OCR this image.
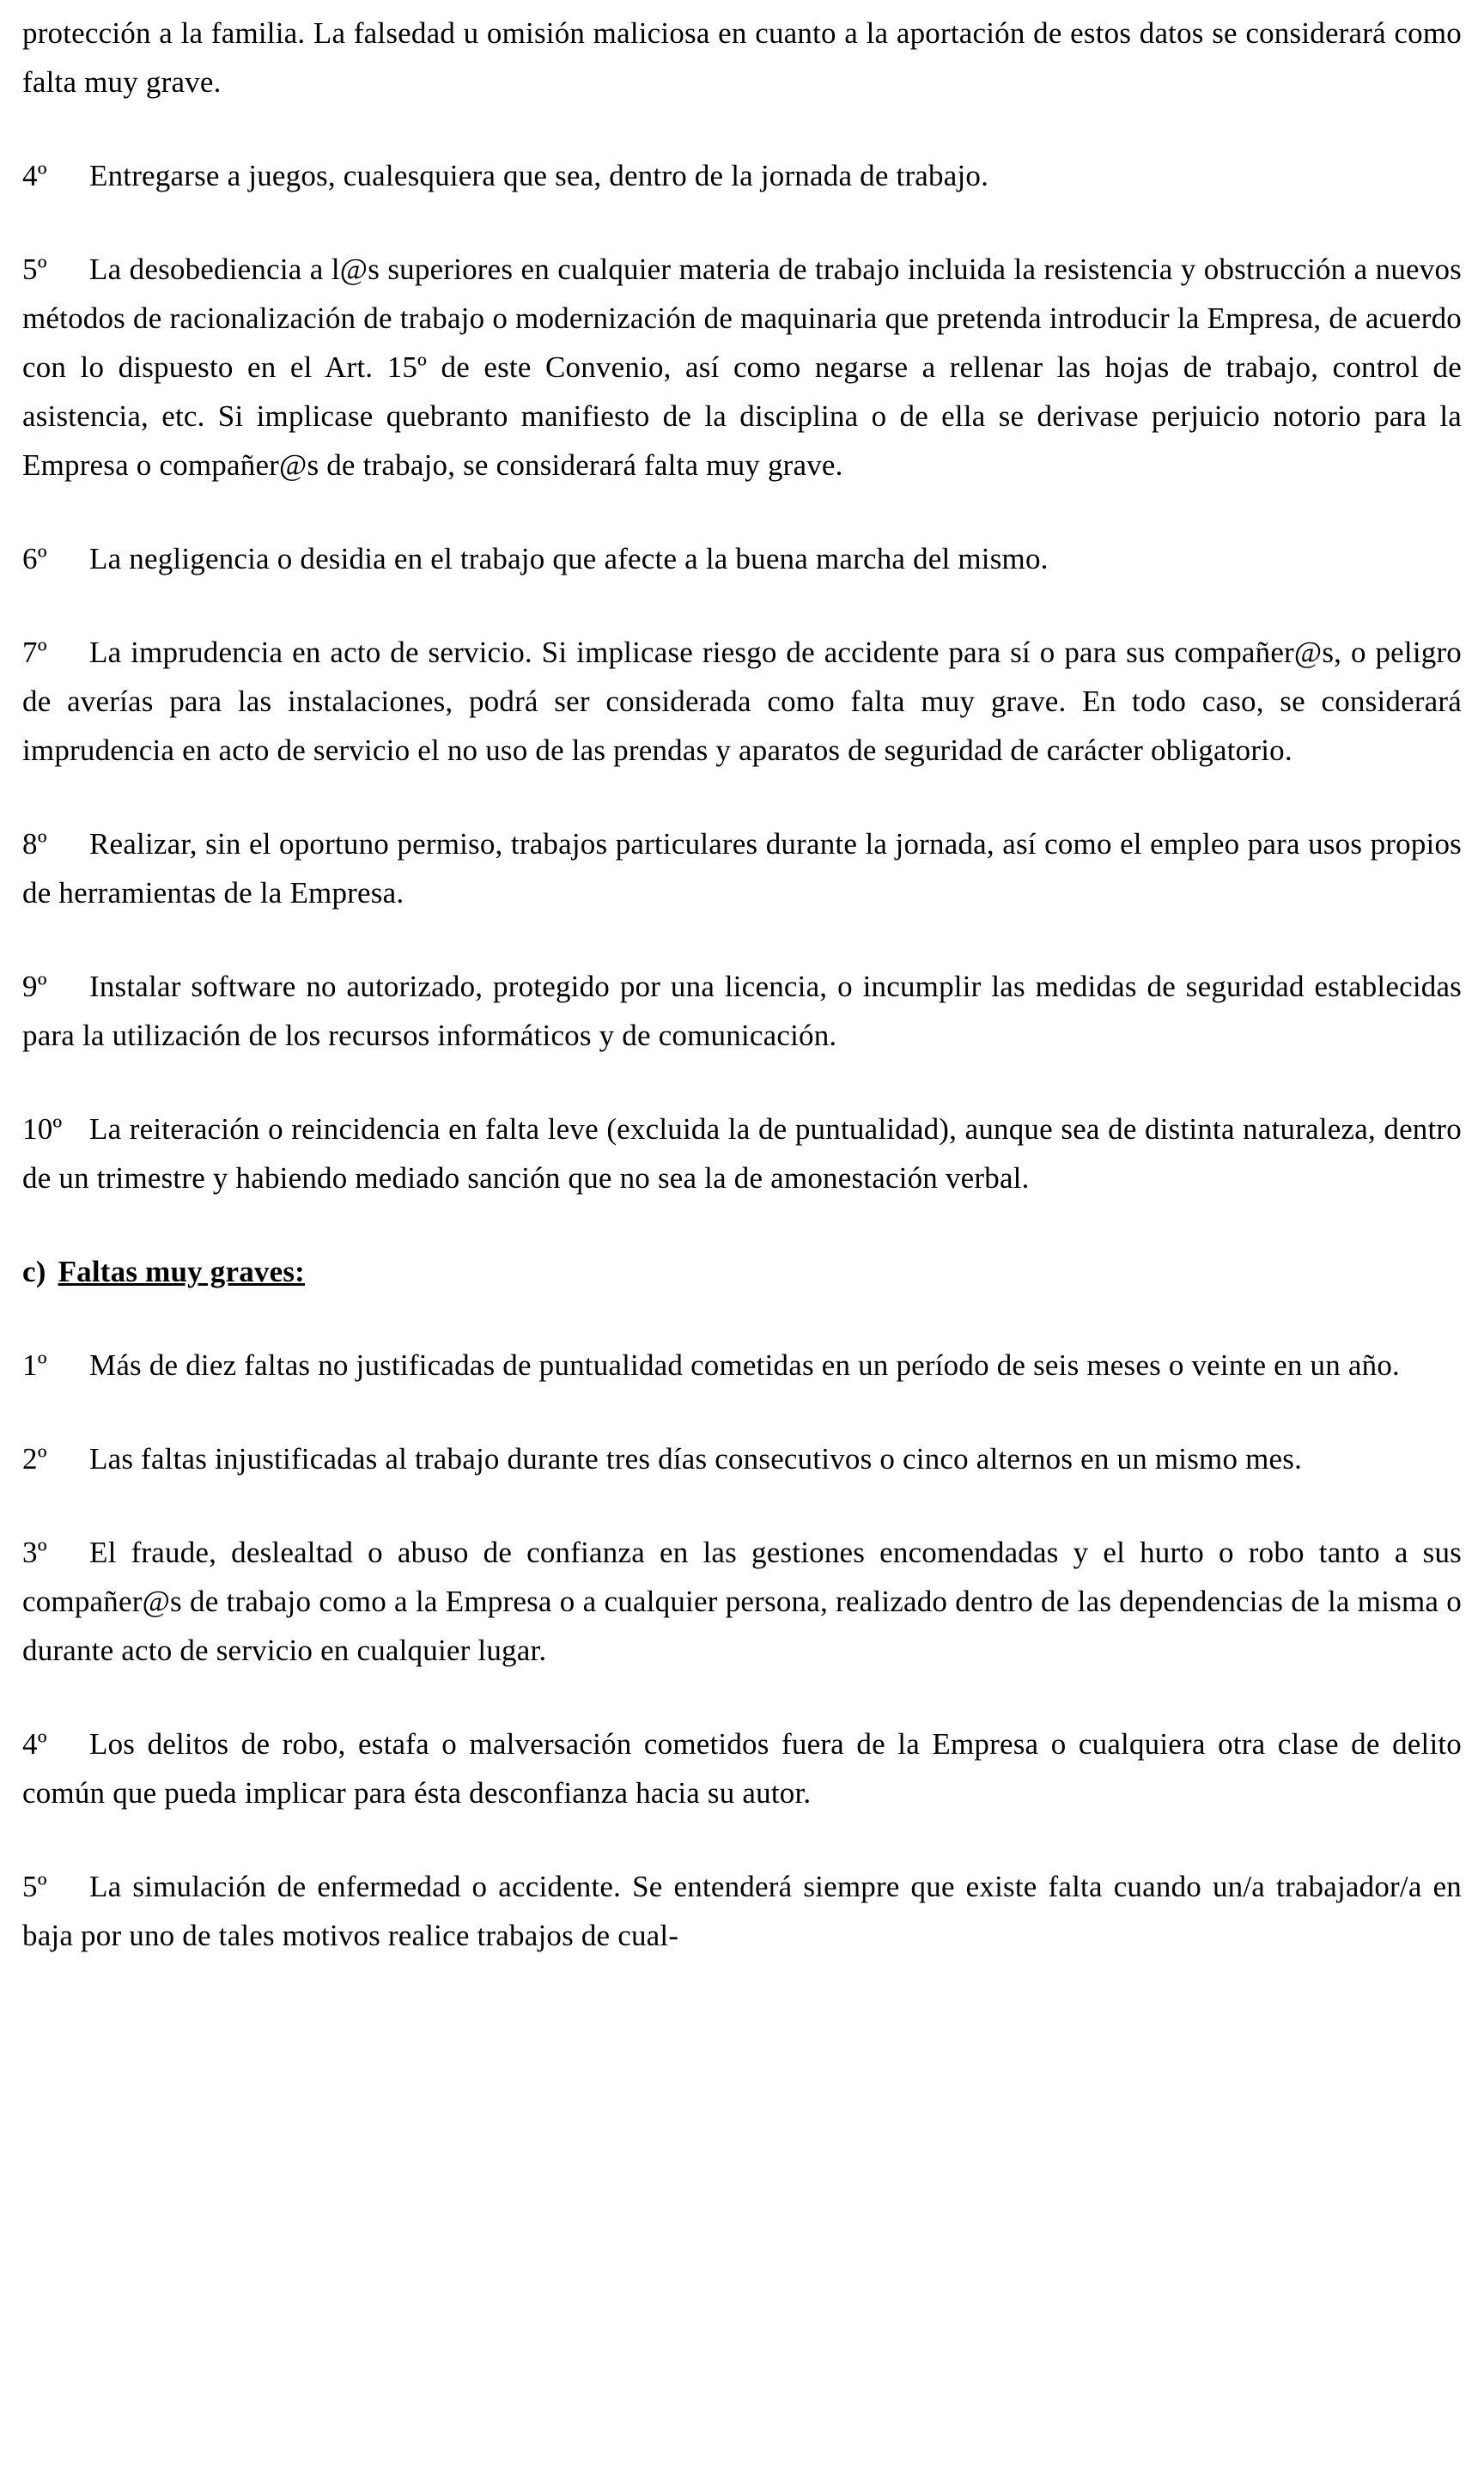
protección a la familia. La falsedad u omisión maliciosa en cuanto a la aportación de estos datos se considerará como falta muy grave.

4º Entregarse a juegos, cualesquiera que sea, dentro de la jornada de trabajo.

5º La desobediencia a l@s superiores en cualquier materia de trabajo incluida la resistencia y obstrucción a nuevos métodos de racionalización de trabajo o modernización de maquinaria que pretenda introducir la Empresa, de acuerdo con lo dispuesto en el Art. 15º de este Convenio, así como negarse a rellenar las hojas de trabajo, control de asistencia, etc. Si implicase quebranto manifiesto de la disciplina o de ella se derivase perjuicio notorio para la Empresa o compañer@s de trabajo, se considerará falta muy grave.

6º La negligencia o desidia en el trabajo que afecte a la buena marcha del mismo.

7º La imprudencia en acto de servicio. Si implicase riesgo de accidente para sí o para sus compañer@s, o peligro de averías para las instalaciones, podrá ser considerada como falta muy grave. En todo caso, se considerará imprudencia en acto de servicio el no uso de las prendas y aparatos de seguridad de carácter obligatorio.

8º Realizar, sin el oportuno permiso, trabajos particulares durante la jornada, así como el empleo para usos propios de herramientas de la Empresa.

9º Instalar software no autorizado, protegido por una licencia, o incumplir las medidas de seguridad establecidas para la utilización de los recursos informáticos y de comunicación.

10º La reiteración o reincidencia en falta leve (excluida la de puntualidad), aunque sea de distinta naturaleza, dentro de un trimestre y habiendo mediado sanción que no sea la de amonestación verbal.

c) Faltas muy graves:

1º Más de diez faltas no justificadas de puntualidad cometidas en un período de seis meses o veinte en un año.

2º Las faltas injustificadas al trabajo durante tres días consecutivos o cinco alternos en un mismo mes.

3º El fraude, deslealtad o abuso de confianza en las gestiones encomendadas y el hurto o robo tanto a sus compañer@s de trabajo como a la Empresa o a cualquier persona, realizado dentro de las dependencias de la misma o durante acto de servicio en cualquier lugar.

4º Los delitos de robo, estafa o malversación cometidos fuera de la Empresa o cualquiera otra clase de delito común que pueda implicar para ésta desconfianza hacia su autor.

5º La simulación de enfermedad o accidente. Se entenderá siempre que existe falta cuando un/a trabajador/a en baja por uno de tales motivos realice trabajos de cual-
